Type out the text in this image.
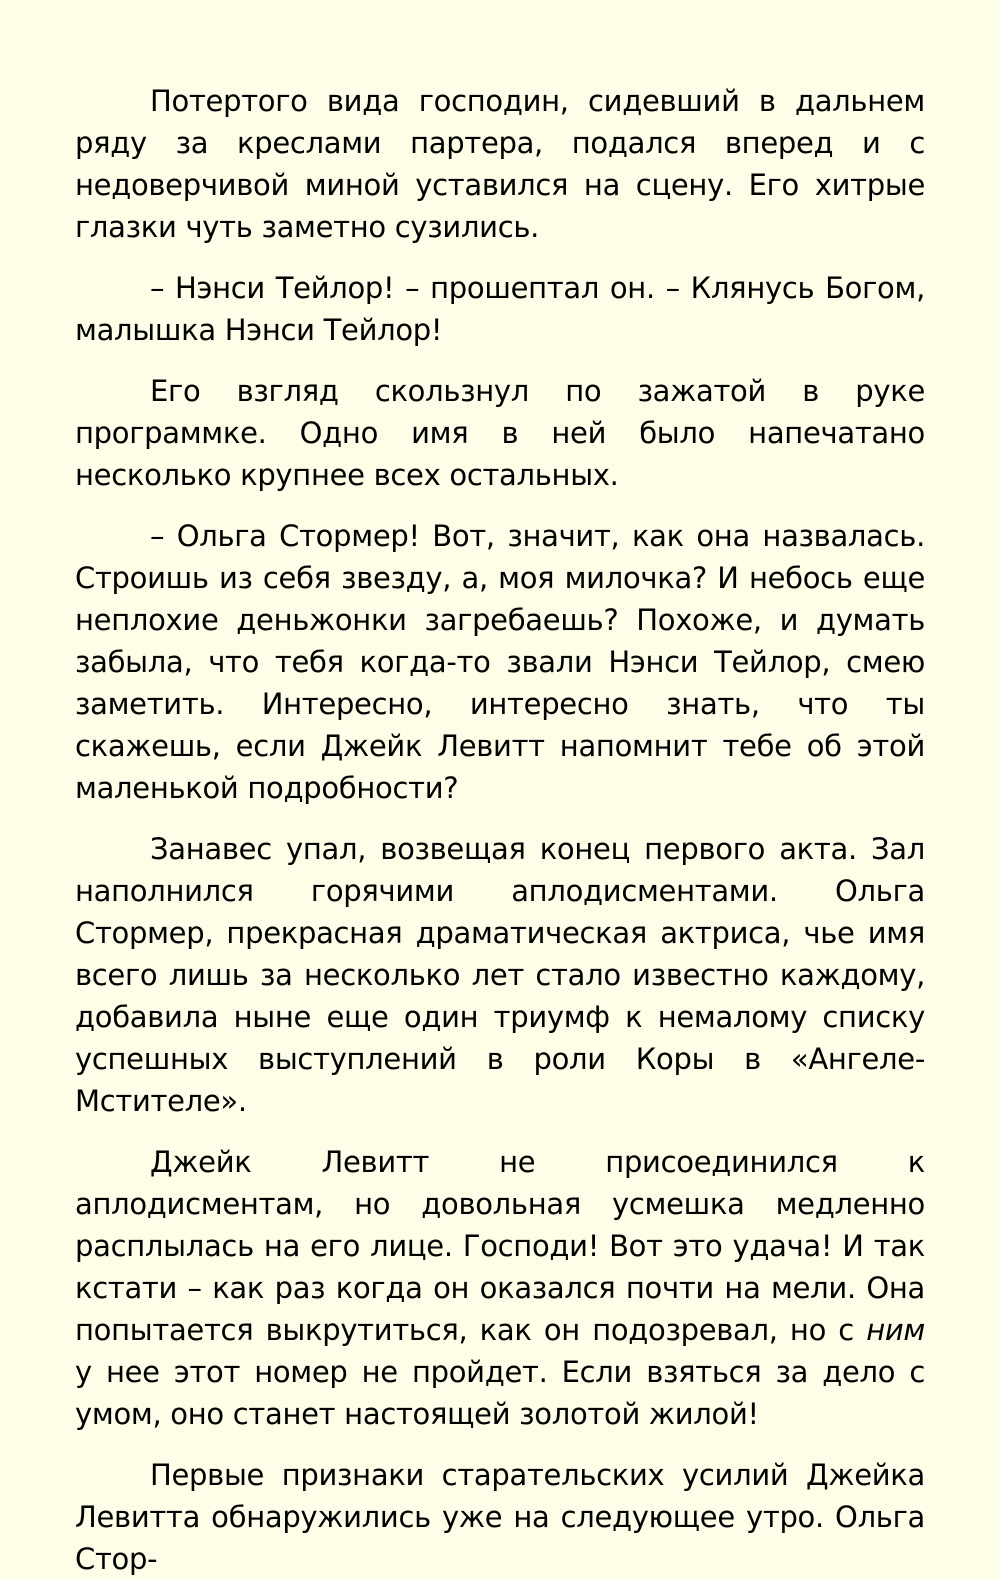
Потертого вида господин, сидевший в дальнем ряду за креслами партера, подался вперед и с недоверчивой миной уставился на сцену. Его хитрые глазки чуть заметно сузились.

– Нэнси Тейлор! – прошептал он. – Клянусь Богом, малышка Нэнси Тейлор!

Его взгляд скользнул по зажатой в руке программке. Одно имя в ней было напечатано несколько крупнее всех остальных.

– Ольга Стормер! Вот, значит, как она назвалась. Строишь из себя звезду, а, моя милочка? И небось еще неплохие деньжонки загребаешь? Похоже, и думать забыла, что тебя когда-то звали Нэнси Тейлор, смею заметить. Интересно, интересно знать, что ты скажешь, если Джейк Левитт напомнит тебе об этой маленькой подробности?

Занавес упал, возвещая конец первого акта. Зал наполнился горячими аплодисментами. Ольга Стормер, прекрасная драматическая актриса, чье имя всего лишь за несколько лет стало известно каждому, добавила ныне еще один триумф к немалому списку успешных выступлений в роли Коры в «Ангеле-Мстителе».

Джейк Левитт не присоединился к аплодисментам, но довольная усмешка медленно расплылась на его лице. Господи! Вот это удача! И так кстати – как раз когда он оказался почти на мели. Она попытается выкрутиться, как он подозревал, но с ним у нее этот номер не пройдет. Если взяться за дело с умом, оно станет настоящей золотой жилой!

Первые признаки старательских усилий Джейка Левитта обнаружились уже на следующее утро. Ольга Стор-
